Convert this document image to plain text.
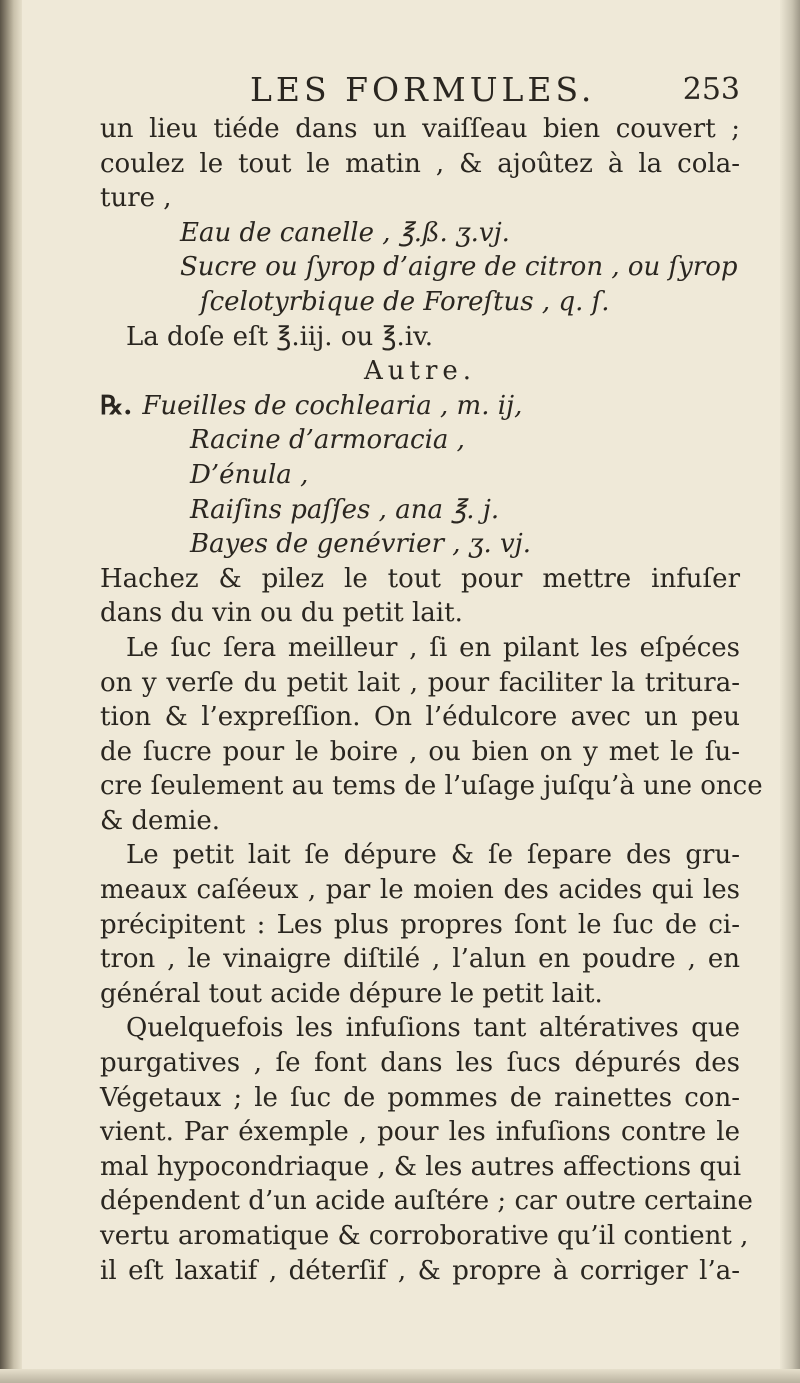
LES FORMULES.	253
un lieu tiéde dans un vaiſſeau bien couvert ;
coulez le tout le matin , & ajoûtez à la cola-
ture ,
Eau de canelle , ℥.ß. ʒ.vj.
Sucre ou ſyrop d’aigre de citron , ou ſyrop
ſcelotyrbique de Foreſtus , q. ſ.
La doſe eſt ℥.iij. ou ℥.iv.
Autre.
℞. Fueilles de cochlearia , m. ij,
Racine d’armoracia ,
D’énula ,
Raiſins paſſes , ana ℥. j.
Bayes de genévrier , ʒ. vj.
Hachez & pilez le tout pour mettre infuſer
dans du vin ou du petit lait.
Le ſuc ſera meilleur , ſi en pilant les eſpéces
on y verſe du petit lait , pour faciliter la tritura-
tion & l’expreſſion. On l’édulcore avec un peu
de ſucre pour le boire , ou bien on y met le ſu-
cre ſeulement au tems de l’uſage juſqu’à une once
& demie.
Le petit lait ſe dépure & ſe ſepare des gru-
meaux caſéeux , par le moien des acides qui les
précipitent : Les plus propres ſont le ſuc de ci-
tron , le vinaigre diſtilé , l’alun en poudre , en
général tout acide dépure le petit lait.
Quelquefois les infuſions tant altératives que
purgatives , ſe font dans les ſucs dépurés des
Végetaux ; le ſuc de pommes de rainettes con-
vient. Par éxemple , pour les infuſions contre le
mal hypocondriaque , & les autres affections qui
dépendent d’un acide auſtére ; car outre certaine
vertu aromatique & corroborative qu’il contient ,
il eſt laxatif , déterſif , & propre à corriger l’a-
